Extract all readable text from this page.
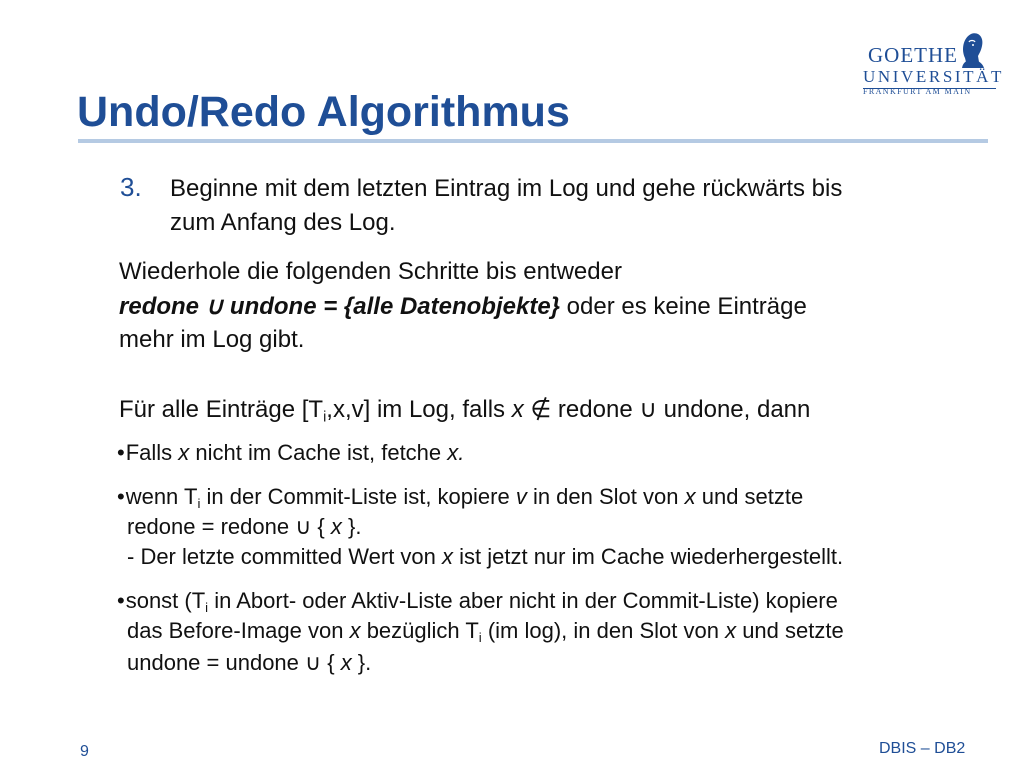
GOETHE
UNIVERSITÄT
FRANKFURT AM MAIN
Undo/Redo Algorithmus
3. Beginne mit dem letzten Eintrag im Log und gehe rückwärts bis
zum Anfang des Log.
Wiederhole die folgenden Schritte bis entweder
redone ∪ undone = {alle Datenobjekte} oder es keine Einträge
mehr im Log gibt.
Für alle Einträge $[T_i,x,v]$ im Log, falls x ∉ redone ∪ undone, dann
•Falls x nicht im Cache ist, fetche x.
•wenn $T_i$ in der Commit-Liste ist, kopiere v in den Slot von x und setzte
redone = redone ∪ { x }.
- Der letzte committed Wert von x ist jetzt nur im Cache wiederhergestellt.
•sonst ($T_i$ in Abort- oder Aktiv-Liste aber nicht in der Commit-Liste) kopiere
das Before-Image von x bezüglich $T_i$ (im log), in den Slot von x und setzte
undone = undone ∪ { x }.
9	DBIS – DB2
